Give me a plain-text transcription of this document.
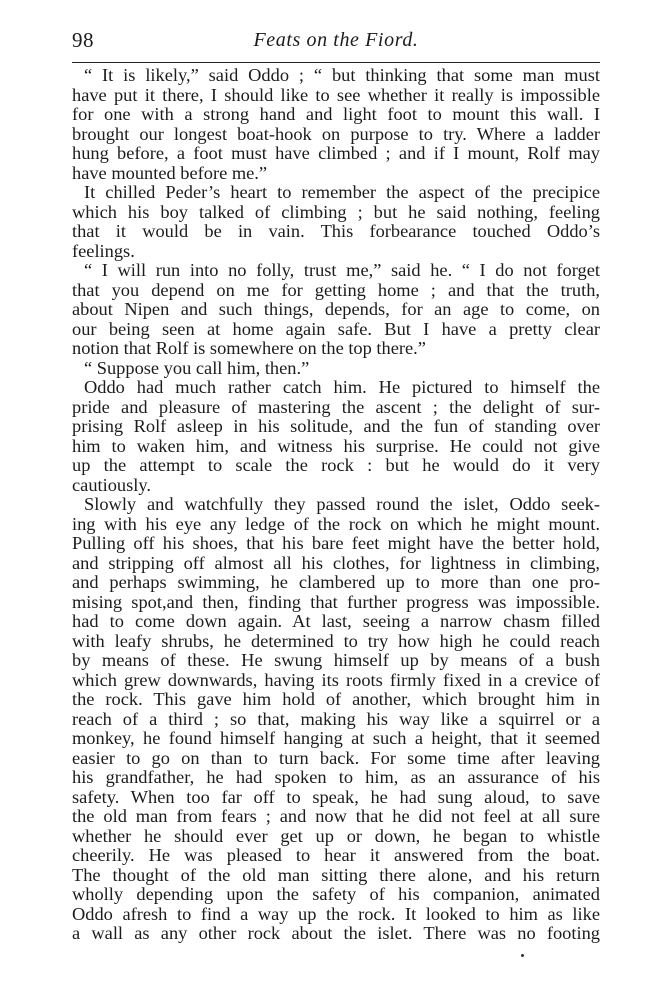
98	Feats on the Fiord.
“ It is likely,” said Oddo ; “ but thinking that some man must
have put it there, I should like to see whether it really is impossible
for one with a strong hand and light foot to mount this wall. I
brought our longest boat-hook on purpose to try. Where a ladder
hung before, a foot must have climbed ; and if I mount, Rolf may
have mounted before me.”
It chilled Peder’s heart to remember the aspect of the precipice
which his boy talked of climbing ; but he said nothing, feeling
that it would be in vain. This forbearance touched Oddo’s
feelings.
“ I will run into no folly, trust me,” said he. “ I do not forget
that you depend on me for getting home ; and that the truth,
about Nipen and such things, depends, for an age to come, on
our being seen at home again safe. But I have a pretty clear
notion that Rolf is somewhere on the top there.”
“ Suppose you call him, then.”
Oddo had much rather catch him. He pictured to himself the
pride and pleasure of mastering the ascent ; the delight of sur-
prising Rolf asleep in his solitude, and the fun of standing over
him to waken him, and witness his surprise. He could not give
up the attempt to scale the rock : but he would do it very
cautiously.
Slowly and watchfully they passed round the islet, Oddo seek-
ing with his eye any ledge of the rock on which he might mount.
Pulling off his shoes, that his bare feet might have the better hold,
and stripping off almost all his clothes, for lightness in climbing,
and perhaps swimming, he clambered up to more than one pro-
mising spot,and then, finding that further progress was impossible.
had to come down again. At last, seeing a narrow chasm filled
with leafy shrubs, he determined to try how high he could reach
by means of these. He swung himself up by means of a bush
which grew downwards, having its roots firmly fixed in a crevice of
the rock. This gave him hold of another, which brought him in
reach of a third ; so that, making his way like a squirrel or a
monkey, he found himself hanging at such a height, that it seemed
easier to go on than to turn back. For some time after leaving
his grandfather, he had spoken to him, as an assurance of his
safety. When too far off to speak, he had sung aloud, to save
the old man from fears ; and now that he did not feel at all sure
whether he should ever get up or down, he began to whistle
cheerily. He was pleased to hear it answered from the boat.
The thought of the old man sitting there alone, and his return
wholly depending upon the safety of his companion, animated
Oddo afresh to find a way up the rock. It looked to him as like
a wall as any other rock about the islet. There was no footing
